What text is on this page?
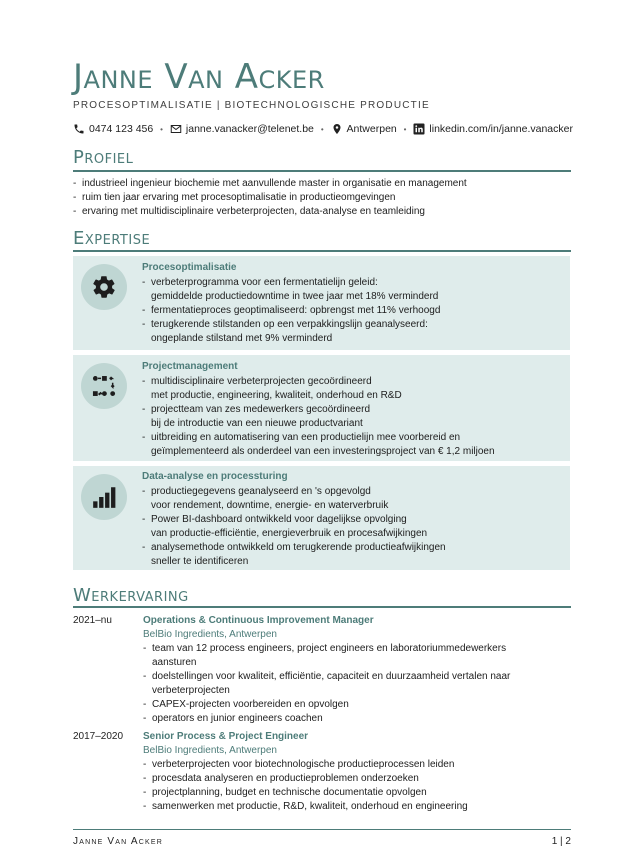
Janne Van Acker
PROCESOPTIMALISATIE | BIOTECHNOLOGISCHE PRODUCTIE
0474 123 456 • janne.vanacker@telenet.be • Antwerpen • linkedin.com/in/janne.vanacker
Profiel
- industrieel ingenieur biochemie met aanvullende master in organisatie en management
- ruim tien jaar ervaring met procesoptimalisatie in productieomgevingen
- ervaring met multidisciplinaire verbeterprojecten, data-analyse en teamleiding
Expertise
Procesoptimalisatie
- verbeterprogramma voor een fermentatielijn geleid:
gemiddelde productiedowntime in twee jaar met 18% verminderd
- fermentatieproces geoptimaliseerd: opbrengst met 11% verhoogd
- terugkerende stilstanden op een verpakkingslijn geanalyseerd:
ongeplande stilstand met 9% verminderd
Projectmanagement
- multidisciplinaire verbeterprojecten gecoördineerd
met productie, engineering, kwaliteit, onderhoud en R&D
- projectteam van zes medewerkers gecoördineerd
bij de introductie van een nieuwe productvariant
- uitbreiding en automatisering van een productielijn mee voorbereid en
geïmplementeerd als onderdeel van een investeringsproject van € 1,2 miljoen
Data-analyse en processturing
- productiegegevens geanalyseerd en 's opgevolgd
voor rendement, downtime, energie- en waterverbruik
- Power BI-dashboard ontwikkeld voor dagelijkse opvolging
van productie-efficiëntie, energieverbruik en procesafwijkingen
- analysemethode ontwikkeld om terugkerende productieafwijkingen
sneller te identificeren
Werkervaring
2021–nu	Operations & Continuous Improvement Manager
BelBio Ingredients, Antwerpen
- team van 12 process engineers, project engineers en laboratoriummedewerkers
aansturen
- doelstellingen voor kwaliteit, efficiëntie, capaciteit en duurzaamheid vertalen naar
verbeterprojecten
- CAPEX-projecten voorbereiden en opvolgen
- operators en junior engineers coachen
2017–2020 Senior Process & Project Engineer
BelBio Ingredients, Antwerpen
- verbeterprojecten voor biotechnologische productieprocessen leiden
- procesdata analyseren en productieproblemen onderzoeken
- projectplanning, budget en technische documentatie opvolgen
- samenwerken met productie, R&D, kwaliteit, onderhoud en engineering
Janne Van Acker	1 | 2
